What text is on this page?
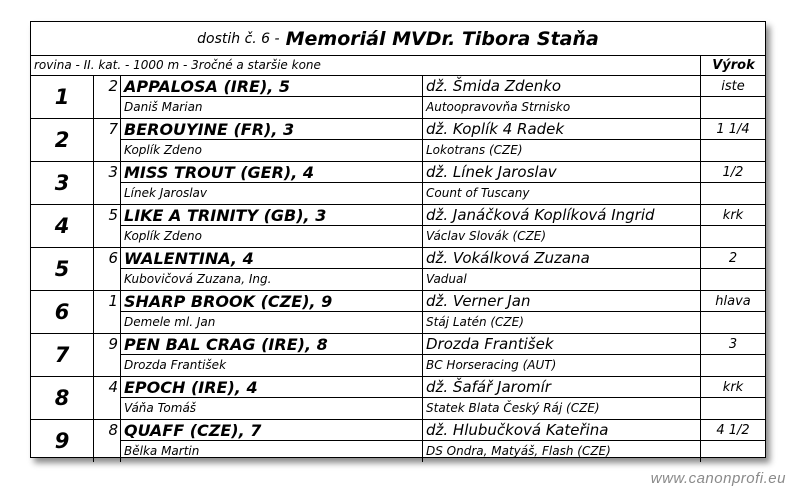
dostih č. 6 - Memoriál MVDr. Tibora Staňa
rovina - II. kat. - 1000 m - 3ročné a staršie kone	Výrok
1	2 APPALOSA (IRE), 5	dž. Šmida Zdenko	iste
Daniš Marian	Autoopravovňa Strnisko
2	7 BEROUYINE (FR), 3	dž. Koplík 4 Radek	1 1/4
Koplík Zdeno	Lokotrans (CZE)
3	3 MISS TROUT (GER), 4	dž. Línek Jaroslav	1/2
Línek Jaroslav	Count of Tuscany
4	5 LIKE A TRINITY (GB), 3	dž. Janáčková Koplíková Ingrid	krk
Koplík Zdeno	Václav Slovák (CZE)
5	6 WALENTINA, 4	dž. Vokálková Zuzana	2
Kubovičová Zuzana, Ing.	Vadual
6	1 SHARP BROOK (CZE), 9	dž. Verner Jan	hlava
Demele ml. Jan	Stáj Latén (CZE)
7	9 PEN BAL CRAG (IRE), 8	Drozda František	3
Drozda František	BC Horseracing (AUT)
8	4 EPOCH (IRE), 4	dž. Šafář Jaromír	krk
Váňa Tomáš	Statek Blata Český Ráj (CZE)
9	8 QUAFF (CZE), 7	dž. Hlubučková Kateřina	4 1/2
Bělka Martin	DS Ondra, Matyáš, Flash (CZE)
www.canonprofi.eu
